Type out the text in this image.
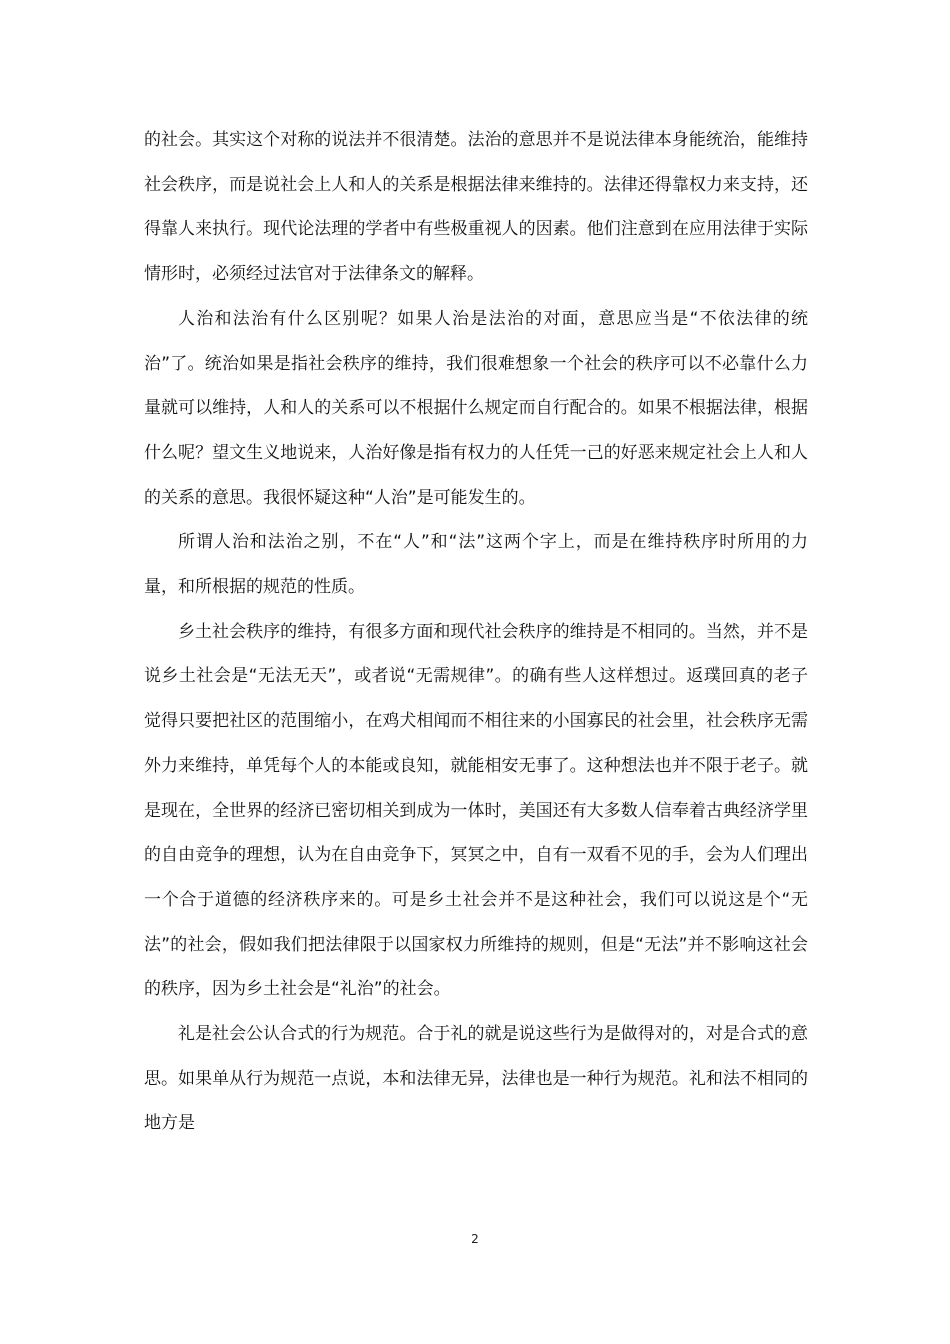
的社会。其实这个对称的说法并不很清楚。法治的意思并不是说法律本身能统治，能维持社会秩序，而是说社会上人和人的关系是根据法律来维持的。法律还得靠权力来支持，还得靠人来执行。现代论法理的学者中有些极重视人的因素。他们注意到在应用法律于实际情形时，必须经过法官对于法律条文的解释。

人治和法治有什么区别呢？如果人治是法治的对面，意思应当是“不依法律的统治”了。统治如果是指社会秩序的维持，我们很难想象一个社会的秩序可以不必靠什么力量就可以维持，人和人的关系可以不根据什么规定而自行配合的。如果不根据法律，根据什么呢？望文生义地说来，人治好像是指有权力的人任凭一己的好恶来规定社会上人和人的关系的意思。我很怀疑这种“人治”是可能发生的。

所谓人治和法治之别，不在“人”和“法”这两个字上，而是在维持秩序时所用的力量，和所根据的规范的性质。

乡土社会秩序的维持，有很多方面和现代社会秩序的维持是不相同的。当然，并不是说乡土社会是“无法无天”，或者说“无需规律”。的确有些人这样想过。返璞回真的老子觉得只要把社区的范围缩小，在鸡犬相闻而不相往来的小国寡民的社会里，社会秩序无需外力来维持，单凭每个人的本能或良知，就能相安无事了。这种想法也并不限于老子。就是现在，全世界的经济已密切相关到成为一体时，美国还有大多数人信奉着古典经济学里的自由竞争的理想，认为在自由竞争下，冥冥之中，自有一双看不见的手，会为人们理出一个合于道德的经济秩序来的。可是乡土社会并不是这种社会，我们可以说这是个“无法”的社会，假如我们把法律限于以国家权力所维持的规则，但是“无法”并不影响这社会的秩序，因为乡土社会是“礼治”的社会。

礼是社会公认合式的行为规范。合于礼的就是说这些行为是做得对的，对是合式的意思。如果单从行为规范一点说，本和法律无异，法律也是一种行为规范。礼和法不相同的地方是

2
